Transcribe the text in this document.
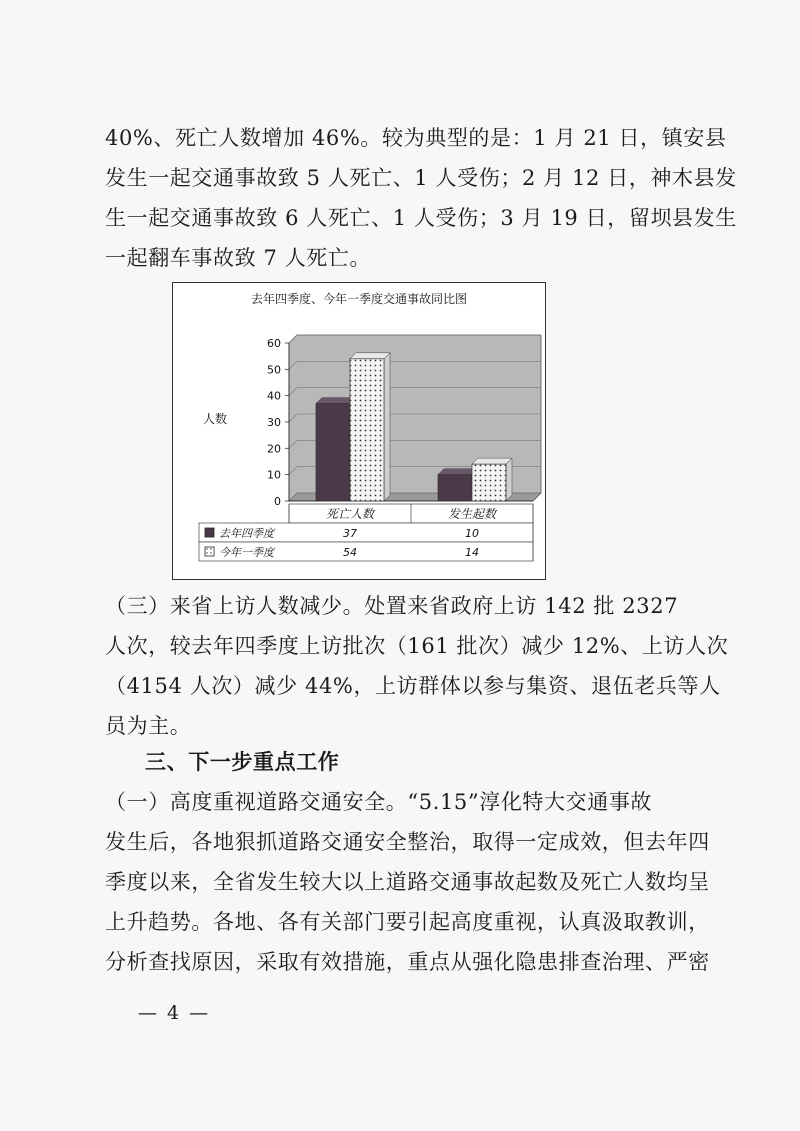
40%、死亡人数增加 46%。较为典型的是：1 月 21 日，镇安县
发生一起交通事故致 5 人死亡、1 人受伤；2 月 12 日，神木县发
生一起交通事故致 6 人死亡、1 人受伤；3 月 19 日，留坝县发生
一起翻车事故致 7 人死亡。
去年四季度、今年一季度交通事故同比图
0
10
20
30
40
50
60
人数
死亡人数	发生起数
去年四季度	37	10
今年一季度	54	14
（三）来省上访人数减少。处置来省政府上访 142 批 2327
人次，较去年四季度上访批次（161 批次）减少 12%、上访人次
（4154 人次）减少 44%，上访群体以参与集资、退伍老兵等人
员为主。
三、下一步重点工作
（一）高度重视道路交通安全。“5.15”淳化特大交通事故
发生后，各地狠抓道路交通安全整治，取得一定成效，但去年四
季度以来，全省发生较大以上道路交通事故起数及死亡人数均呈
上升趋势。各地、各有关部门要引起高度重视，认真汲取教训，
分析查找原因，采取有效措施，重点从强化隐患排查治理、严密
— 4 —
